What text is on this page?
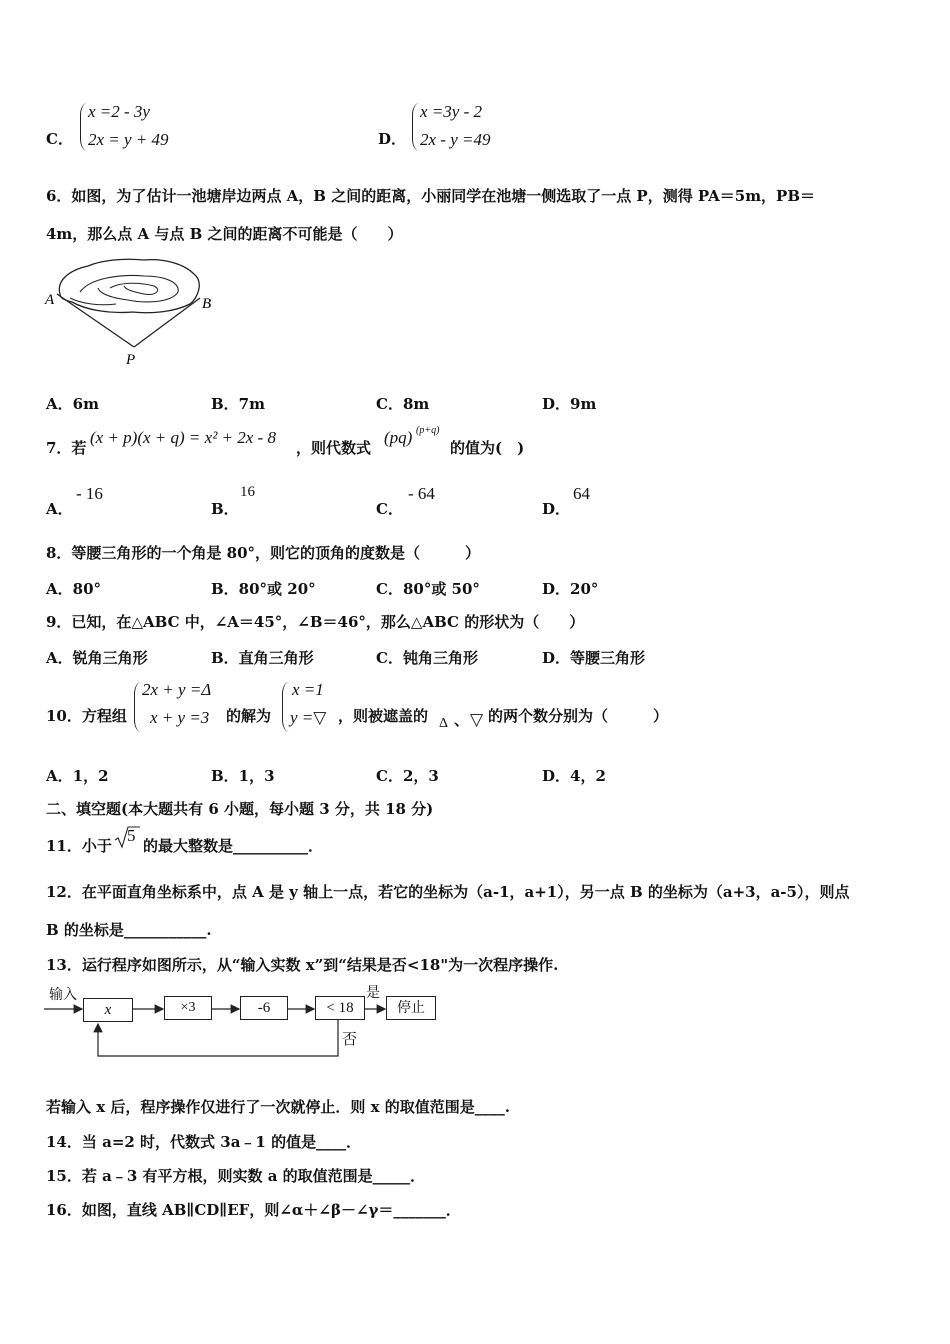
C．
x =2 - 3y
2x = y + 49	D．
x =3y - 2
2x - y =49
6．如图，为了估计一池塘岸边两点 A，B 之间的距离，小丽同学在池塘一侧选取了一点 P，测得 PA＝5m，PB＝
4m，那么点 A 与点 B 之间的距离不可能是（　　）
A	B
P
A．6m	B．7m	C．8m	D．9m
7．若
(x + p)(x + q) = x² + 2x - 8
，则代数式
(pq) (p+q)
的值为(　)
A．
- 16
B．
16
C．
- 64
D．
64
8．等腰三角形的一个角是 80°，则它的顶角的度数是（　　　）
A．80°	B．80°或 20°	C．80°或 50°	D．20°
9．已知，在△ABC 中，∠A＝45°，∠B＝46°，那么△ABC 的形状为（　　）
A．锐角三角形	B．直角三角形	C．钝角三角形	D．等腰三角形
10．方程组
2x + y =Δ
x + y =3 的解为
x =1
y =▽ ，则被遮盖的 Δ 、 ▽ 的两个数分别为（　　　）
A．1，2	B．1，3	C．2，3	D．4，2
二、填空题(本大题共有 6 小题，每小题 3 分，共 18 分)
11．小于
5
的最大整数是__________．
12．在平面直角坐标系中，点 A 是 y 轴上一点，若它的坐标为（a-1，a+1），另一点 B 的坐标为（a+3，a-5），则点
B 的坐标是___________.
13．运行程序如图所示，从“输入实数 x”到“结果是否<18"为一次程序操作.
输入
x	×3	-6	< 18
是
停止
否
若输入 x 后，程序操作仅进行了一次就停止．则 x 的取值范围是____.
14．当 a=2 时，代数式 3a﹣1 的值是____．
15．若 a﹣3 有平方根，则实数 a 的取值范围是_____．
16．如图，直线 AB∥CD∥EF，则∠α＋∠β－∠γ＝_______．
